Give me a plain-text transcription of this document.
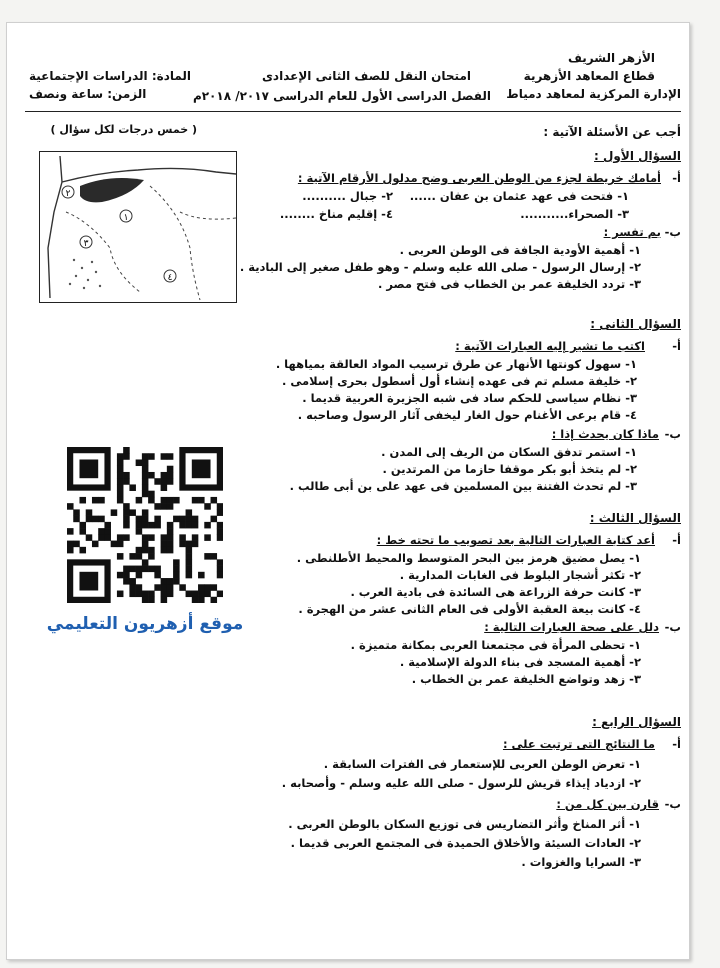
الأزهر الشريف
قطاع المعاهد الأزهرية
الإدارة المركزية لمعاهد دمياط
امتحان النقل للصف الثانى الإعدادى
الفصل الدراسى الأول للعام الدراسى ٢٠١٧/ ٢٠١٨م
المادة: الدراسات الإجتماعية
الزمن: ساعة ونصف
( خمس درجات لكل سؤال )	أجب عن الأسئلة الآتية :
١
٢
٣
٤
السؤال الأول :
أ-
أمامك خريطة لجزء من الوطن العربى وضح مدلول الأرقام الآتية :
١- فتحت فى عهد عثمان بن عفان ......
٢- جبال ..........
٣- الصحراء...........
٤- إقليم مناخ ........
ب-
بم تفسر :
١- أهمية الأودية الجافة فى الوطن العربى .
٢- إرسال الرسول - صلى الله عليه وسلم - وهو طفل صغير إلى البادية .
٣- تردد الخليفة عمر بن الخطاب فى فتح مصر .
السؤال الثانى :
أ-
اكتب ما تشير إليه العبارات الآتية :
١- سهول كونتها الأنهار عن طرق ترسيب المواد العالقة بمياهها .
٢- خليفة مسلم تم فى عهده إنشاء أول أسطول بحرى إسلامى .
٣- نظام سياسى للحكم ساد فى شبه الجزيرة العربية قديما .
٤- قام برعى الأغنام حول الغار ليخفى آثار الرسول وصاحبه .
ب-
ماذا كان يحدث إذا :
١- استمر تدفق السكان من الريف إلى المدن .
٢- لم يتخذ أبو بكر موقفا حازما من المرتدين .
٣- لم تحدث الفتنة بين المسلمين فى عهد على بن أبى طالب .
السؤال الثالث :
أ-
أعد كتابة العبارات التالية بعد تصويب ما تحته خط :
١- يصل مضيق هرمز بين البحر المتوسط والمحيط الأطلنطى .
٢- تكثر أشجار البلوط فى الغابات المدارية .
٣- كانت حرفة الزراعة هى السائدة فى بادية العرب .
٤- كانت بيعة العقبة الأولى فى العام الثانى عشر من الهجرة .
ب-
دلل على صحة العبارات التالية :
١- تحظى المرأة فى مجتمعنا العربى بمكانة متميزة .
٢- أهمية المسجد فى بناء الدولة الإسلامية .
٣- زهد وتواضع الخليفة عمر بن الخطاب .
السؤال الرابع :
أ-
ما النتائج التى ترتبت على :
١- تعرض الوطن العربى للإستعمار فى الفترات السابقة .
٢- ازدياد إيذاء قريش للرسول - صلى الله عليه وسلم - وأصحابه .
ب-
قارن بين كل من :
١- أثر المناخ وأثر التضاريس فى توزيع السكان بالوطن العربى .
٢- العادات السيئة والأخلاق الحميدة فى المجتمع العربى قديما .
٣- السرايا والغزوات .
موقع أزهريون التعليمي
